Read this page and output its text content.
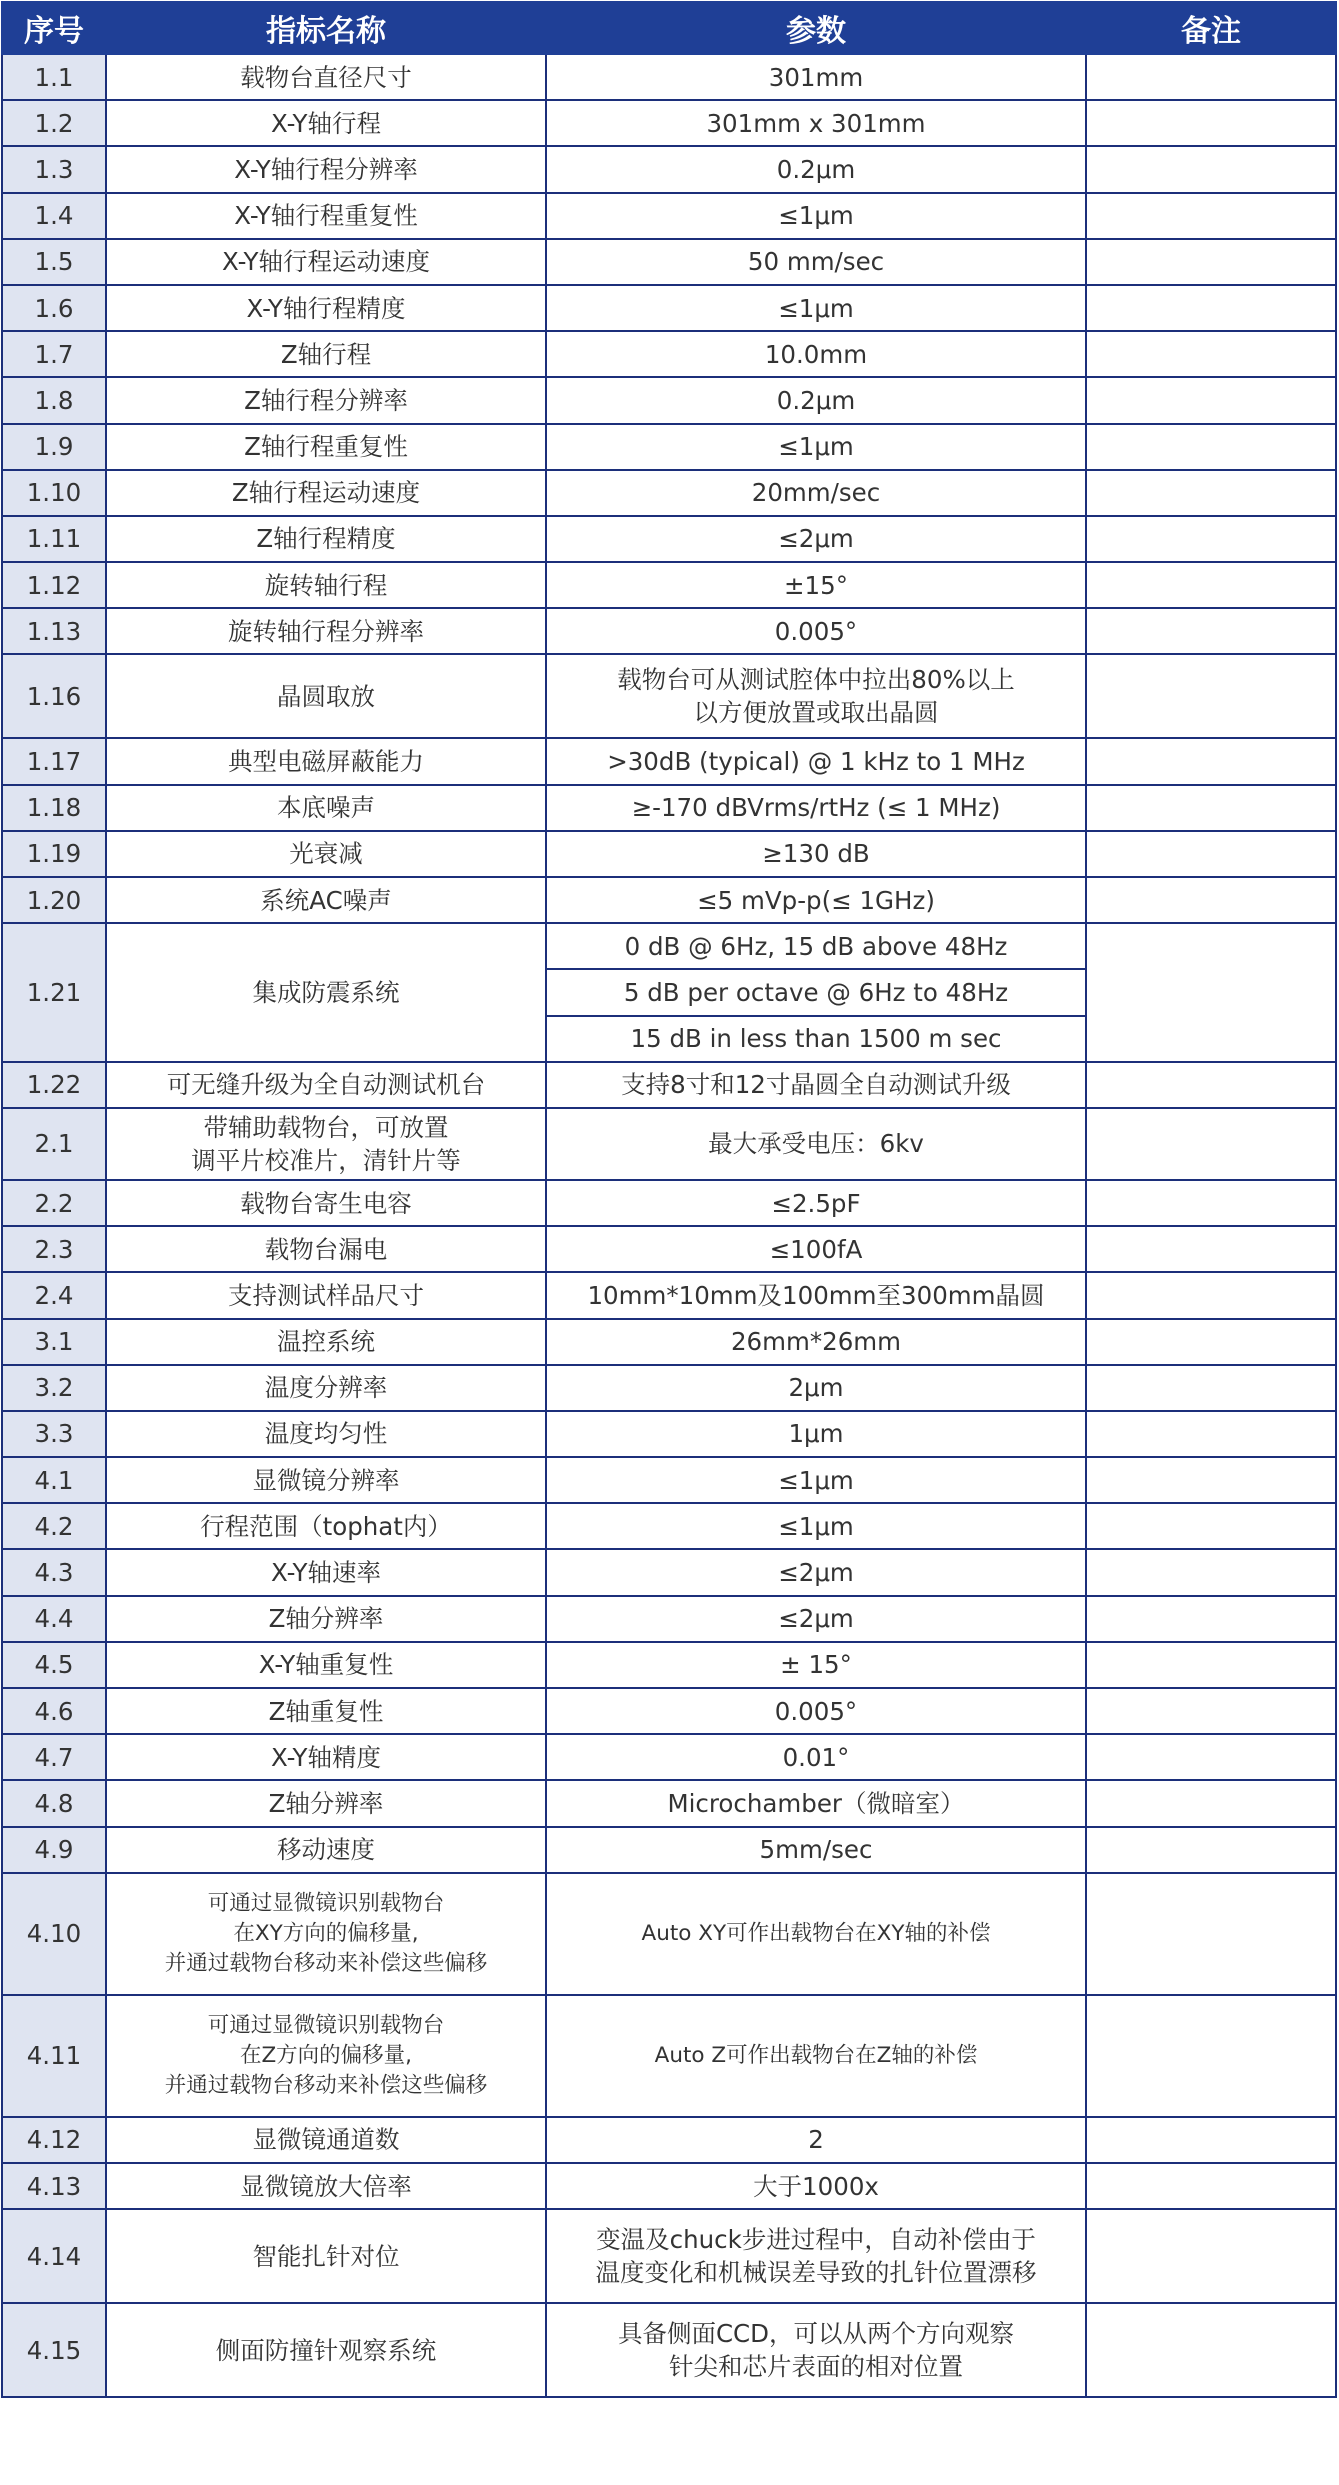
序号	指标名称	参数	备注
1.1	载物台直径尺寸	301mm	
1.2	X-Y轴行程	301mm x 301mm	
1.3	X-Y轴行程分辨率	0.2μm	
1.4	X-Y轴行程重复性	≤1μm	
1.5	X-Y轴行程运动速度	50 mm/sec	
1.6	X-Y轴行程精度	≤1μm	
1.7	Z轴行程	10.0mm	
1.8	Z轴行程分辨率	0.2μm	
1.9	Z轴行程重复性	≤1μm	
1.10	Z轴行程运动速度	20mm/sec	
1.11	Z轴行程精度	≤2μm	
1.12	旋转轴行程	±15°	
1.13	旋转轴行程分辨率	0.005°	
1.16	晶圆取放	载物台可从测试腔体中拉出80%以上
以方便放置或取出晶圆	

1.17	典型电磁屏蔽能力	>30dB (typical) @ 1 kHz to 1 MHz	
1.18	本底噪声	≥-170 dBVrms/rtHz (≤ 1 MHz)	
1.19	光衰减	≥130 dB	
1.20	系统AC噪声	≤5 mVp-p(≤ 1GHz)	
1.21	集成防震系统	0 dB @ 6Hz, 15 dB above 48Hz	
		5 dB per octave @ 6Hz to 48Hz	
		15 dB in less than 1500 m sec	
1.22	可无缝升级为全自动测试机台	支持8寸和12寸晶圆全自动测试升级	
2.1	带辅助载物台，可放置
调平片校准片，清针片等	最大承受电压：6kv	
2.2	载物台寄生电容	≤2.5pF	
2.3	载物台漏电	≤100fA	
2.4	支持测试样品尺寸	10mm*10mm及100mm至300mm晶圆	
3.1	温控系统	26mm*26mm	
3.2	温度分辨率	2μm	
3.3	温度均匀性	1μm	
4.1	显微镜分辨率	≤1μm	
4.2	行程范围（tophat内）	≤1μm	
4.3	X-Y轴速率	≤2μm	
4.4	Z轴分辨率	≤2μm	
4.5	X-Y轴重复性	± 15°	
4.6	Z轴重复性	0.005°	
4.7	X-Y轴精度	0.01°	
4.8	Z轴分辨率	Microchamber（微暗室）	
4.9	移动速度	5mm/sec	
4.10	可通过显微镜识别载物台
在XY方向的偏移量,
并通过载物台移动来补偿这些偏移	Auto XY可作出载物台在XY轴的补偿	
4.11	可通过显微镜识别载物台
在Z方向的偏移量,
并通过载物台移动来补偿这些偏移	Auto Z可作出载物台在Z轴的补偿	
4.12	显微镜通道数	2	
4.13	显微镜放大倍率	大于1000x	
4.14	智能扎针对位	变温及chuck步进过程中，自动补偿由于
温度变化和机械误差导致的扎针位置漂移	

4.15	侧面防撞针观察系统	具备侧面CCD，可以从两个方向观察
针尖和芯片表面的相对位置	
